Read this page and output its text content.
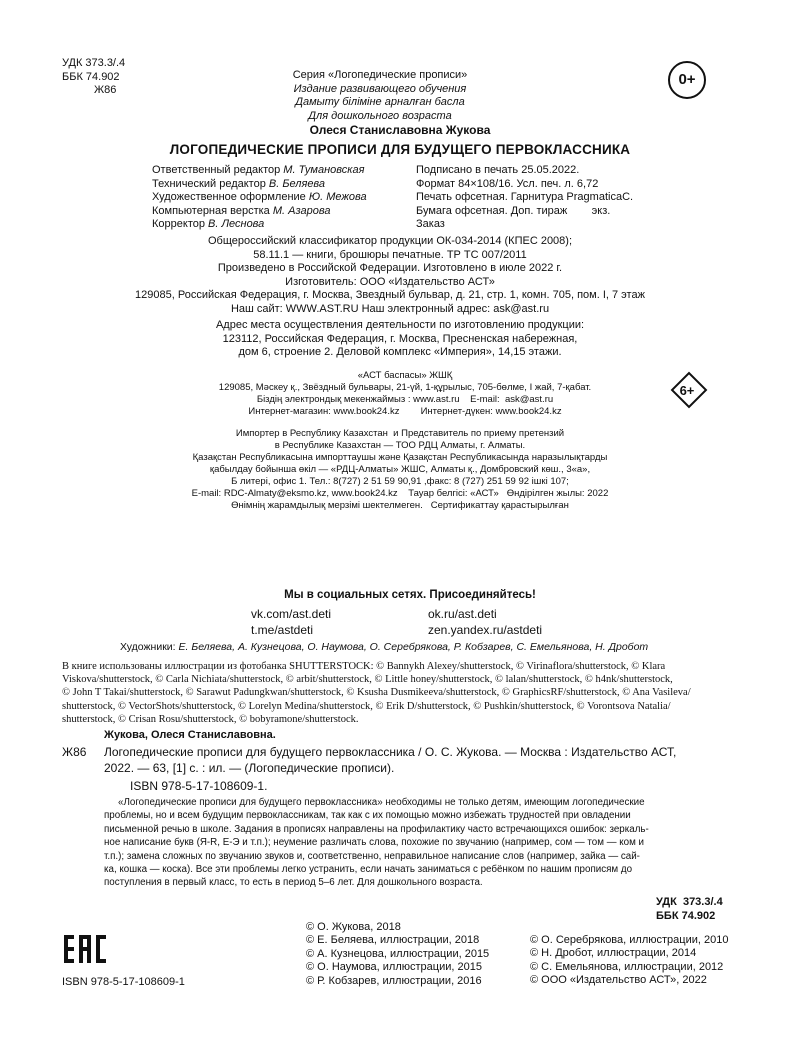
УДК 373.3/.4
ББК 74.902
Ж86
Серия «Логопедические прописи»
Издание развивающего обучения
Дамыту біліміне арналған басла
Для дошкольного возраста
0+
Олеся Станиславовна Жукова
ЛОГОПЕДИЧЕСКИЕ ПРОПИСИ ДЛЯ БУДУЩЕГО ПЕРВОКЛАССНИКА
Ответственный редактор М. Тумановская
Технический редактор В. Беляева
Художественное оформление Ю. Межова
Компьютерная верстка М. Азарова
Корректор В. Леснова
Подписано в печать 25.05.2022.
Формат 84×108/16. Усл. печ. л. 6,72
Печать офсетная. Гарнитура PragmaticaC.
Бумага офсетная. Доп. тираж        экз.
Заказ
Общероссийский классификатор продукции ОК-034-2014 (КПЕС 2008);
58.11.1 — книги, брошюры печатные. ТР ТС 007/2011
Произведено в Российской Федерации. Изготовлено в июле 2022 г.
Изготовитель: ООО «Издательство АСТ»
129085, Российская Федерация, г. Москва, Звездный бульвар, д. 21, стр. 1, комн. 705, пом. I, 7 этаж
Наш сайт: WWW.AST.RU Наш электронный адрес: ask@ast.ru
Адрес места осуществления деятельности по изготовлению продукции:
123112, Российская Федерация, г. Москва, Пресненская набережная,
дом 6, строение 2. Деловой комплекс «Империя», 14,15 этажи.
«АСТ баспасы» ЖШҚ
129085, Мәскеу қ., Звёздный бульвары, 21-үй, 1-құрылыс, 705-бөлме, I жай, 7-қабат.
Біздің электрондық мекенжаймыз : www.ast.ru    E-mail:  ask@ast.ru
Интернет-магазин: www.book24.kz        Интернет-дүкен: www.book24.kz
6+
Импортер в Республику Казахстан  и Представитель по приему претензий
в Республике Казахстан — ТОО РДЦ Алматы, г. Алматы.
Қазақстан Республикасына импорттаушы және Қазақстан Республикасында наразылықтарды
қабылдау бойынша өкіл — «РДЦ-Алматы» ЖШС, Алматы қ., Домбровский көш., 3«а»,
Б литері, офис 1. Тел.: 8(727) 2 51 59 90,91 ,факс: 8 (727) 251 59 92 ішкі 107;
E-mail: RDC-Almaty@eksmo.kz, www.book24.kz    Тауар белгісі: «АСТ»   Өндірілген жылы: 2022
Өнімнің жарамдылық мерзімі шектелмеген.   Сертификаттау қарастырылған
Мы в социальных сетях. Присоединяйтесь!
vk.com/ast.deti
t.me/astdeti
ok.ru/ast.deti
zen.yandex.ru/astdeti
Художники: Е. Беляева, А. Кузнецова, О. Наумова, О. Серебрякова, Р. Кобзарев, С. Емельянова, Н. Дробот
В книге использованы иллюстрации из фотобанка SHUTTERSTOCK: © Bannykh Alexey/shutterstock, © Virinaflora/shutterstock, © Klara
Viskova/shutterstock, © Carla Nichiata/shutterstock, © arbit/shutterstock, © Little honey/shutterstock, © lalan/shutterstock, © h4nk/shutterstock,
© John T Takai/shutterstock, © Sarawut Padungkwan/shutterstock, © Ksusha Dusmikeeva/shutterstock, © GraphicsRF/shutterstock, © Ana Vasileva/
shutterstock, © VectorShots/shutterstock, © Lorelyn Medina/shutterstock, © Erik D/shutterstock, © Pushkin/shutterstock, © Vorontsova Natalia/
shutterstock, © Crisan Rosu/shutterstock, © bobyramone/shutterstock.
Жукова, Олеся Станиславовна.
Ж86 Логопедические прописи для будущего первоклассника / О. С. Жукова. — Москва : Издательство АСТ,
2022. — 63, [1] с. : ил. — (Логопедические прописи).
ISBN 978-5-17-108609-1.
«Логопедические прописи для будущего первоклассника» необходимы не только детям, имеющим логопедические
проблемы, но и всем будущим первоклассникам, так как с их помощью можно избежать трудностей при овладении
письменной речью в школе. Задания в прописях направлены на профилактику часто встречающихся ошибок: зеркаль-
ное написание букв (Я-R, Е-Э и т.п.); неумение различать слова, похожие по звучанию (например, сом — том — ком и
т.п.); замена сложных по звучанию звуков и, соответственно, неправильное написание слов (например, зайка — сай-
ка, кошка — коска). Все эти проблемы легко устранить, если начать заниматься с ребёнком по нашим прописям до
поступления в первый класс, то есть в период 5–6 лет. Для дошкольного возраста.
УДК  373.3/.4
ББК 74.902
ISBN 978-5-17-108609-1
© О. Жукова, 2018
© Е. Беляева, иллюстрации, 2018
© А. Кузнецова, иллюстрации, 2015
© О. Наумова, иллюстрации, 2015
© Р. Кобзарев, иллюстрации, 2016
© О. Серебрякова, иллюстрации, 2010
© Н. Дробот, иллюстрации, 2014
© С. Емельянова, иллюстрации, 2012
© ООО «Издательство АСТ», 2022
